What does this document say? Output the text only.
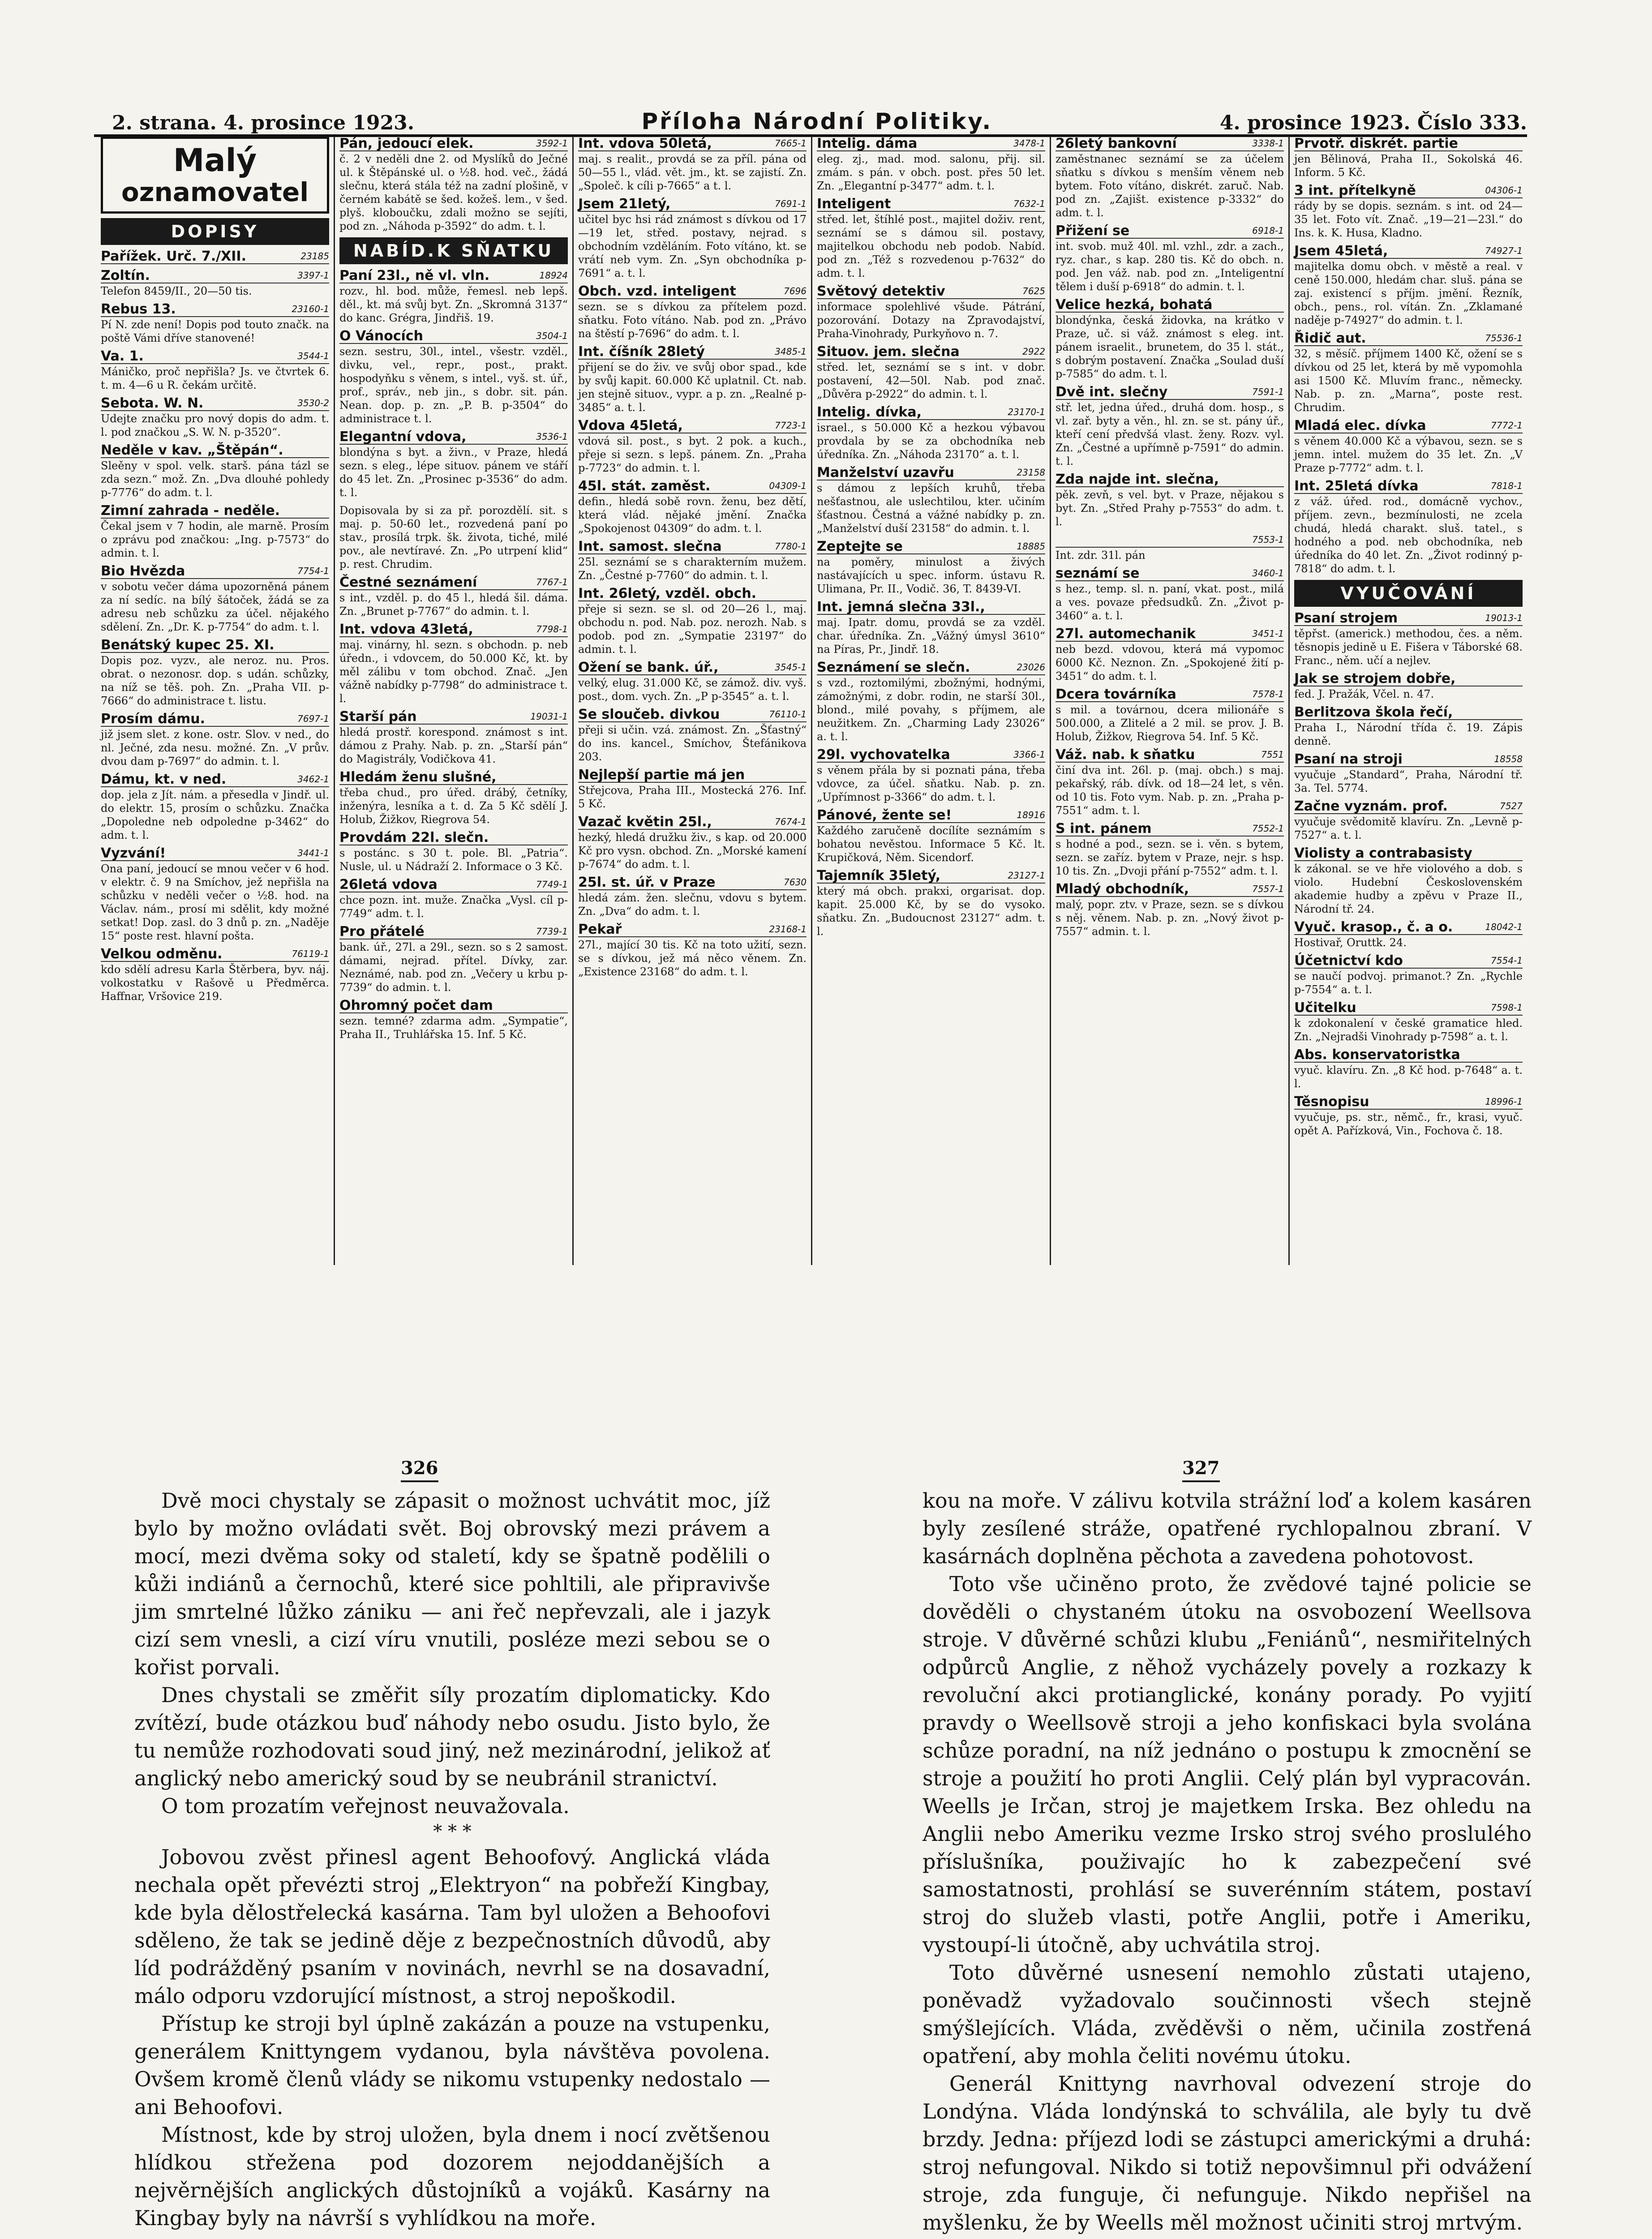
2. strana. 4. prosince 1923.	Příloha Národní Politiky.	4. prosince 1923. Číslo 333.
Malý
oznamovatel
DOPISY
Pařížek. Urč. 7./XII.	23185
Zoltín.	3397-1
Telefon 8459/II., 20—50 tis.
Rebus 13.	23160-1
Pí N. zde není! Dopis pod touto značk. na poště Vámi dříve stanovené!
Va. 1.	3544-1
Máničko, proč nepřišla? Js. ve čtvrtek 6. t. m. 4—6 u R. čekám určitě.
Sebota. W. N.	3530-2
Udejte značku pro nový dopis do adm. t. l. pod značkou „S. W. N. p-3520“.
Neděle v kav. „Štěpán“.
Sleěny v spol. velk. starš. pána tázl se zda sezn.“ mož. Zn. „Dva dlouhé pohledy p-7776“ do adm. t. l.
Zimní zahrada - neděle.
Čekal jsem v 7 hodin, ale marně. Prosím o zprávu pod značkou: „Ing. p-7573“ do admin. t. l.
Bio Hvězda	7754-1
v sobotu večer dáma upozorněná pánem za ní sedíc. na bílý šátoček, žádá se za adresu neb schůzku za účel. nějakého sdělení. Zn. „Dr. K. p-7754“ do adm. t. l.
Benátský kupec 25. XI.
Dopis poz. vyzv., ale neroz. nu. Pros. obrat. o nezonosr. dop. s udán. schůzky, na níž se těš. poh. Zn. „Praha VII. p-7666“ do administrace t. listu.
Prosím dámu.	7697-1
již jsem slet. z kone. ostr. Slov. v ned., do nl. Ječné, zda nesu. možné. Zn. „V prův. dvou dam p-7697“ do admin. t. l.
Dámu, kt. v ned.	3462-1
dop. jela z Jít. nám. a přesedla v Jindř. ul. do elektr. 15, prosím o schůzku. Značka „Dopoledne neb odpoledne p-3462“ do adm. t. l.
Vyzvání!	3441-1
Ona paní, jedoucí se mnou večer v 6 hod. v elektr. č. 9 na Smíchov, jež nepřišla na schůzku v neděli večer o ½8. hod. na Václav. nám., prosí mi sdělit, kdy možné setkat! Dop. zasl. do 3 dnů p. zn. „Naděje 15“ poste rest. hlavní pošta.
Velkou odměnu.	76119-1
kdo sdělí adresu Karla Štěrbera, byv. náj. volkostatku v Rašově u Předměrca. Haffnar, Vršovice 219.
Pán, jedoucí elek.	3592-1
č. 2 v neděli dne 2. od Myslíků do Ječné ul. k Štěpánské ul. o ½8. hod. več., žádá slečnu, která stála též na zadní plošině, v černém kabátě se šed. kožeš. lem., v šed. plyš. kloboučku, zdali možno se sejíti, pod zn. „Náhoda p-3592“ do adm. t. l.
NABÍD.K SŇATKU
Paní 23l., ně vl. vln.	18924
rozv., hl. bod. může, řemesl. neb lepš. děl., kt. má svůj byt. Zn. „Skromná 3137“ do kanc. Grégra, Jindřiš. 19.
O Vánocích	3504-1
sezn. sestru, 30l., intel., všestr. vzděl., divku, vel., repr., post., prakt. hospodyňku s věnem, s intel., vyš. st. úř., prof., správ., neb jin., s dobr. sit. pán. Nean. dop. p. zn. „P. B. p-3504“ do administrace t. l.
Elegantní vdova,	3536-1
blondýna s byt. a živn., v Praze, hledá sezn. s eleg., lépe situov. pánem ve stáří do 45 let. Zn. „Prosinec p-3536“ do adm. t. l.
Dopisovala by si za př. porozdělí. sit. s maj. p. 50-60 let., rozvedená paní po stav., prosílá trpk. šk. života, tiché, milé pov., ale nevtíravé. Zn. „Po utrpení klid“ p. rest. Chrudim.
Čestné seznámení	7767-1
s int., vzděl. p. do 45 l., hledá šil. dáma. Zn. „Brunet p-7767“ do admin. t. l.
Int. vdova 43letá,	7798-1
maj. vinárny, hl. sezn. s obchodn. p. neb úředn., i vdovcem, do 50.000 Kč, kt. by měl zálibu v tom obchod. Znač. „Jen vážně nabídky p-7798“ do administrace t. l.
Starší pán	19031-1
hledá prostř. korespond. známost s int. dámou z Prahy. Nab. p. zn. „Starší pán“ do Magistrály, Vodičkova 41.
Hledám ženu slušné,
třeba chud., pro úřed. drábý, četníky, inženýra, lesníka a t. d. Za 5 Kč sdělí J. Holub, Žižkov, Riegrova 54.
Provdám 22l. slečn.
s postánc. s 30 t. pole. Bl. „Patria“. Nusle, ul. u Nádraží 2. Informace o 3 Kč.
26letá vdova	7749-1
chce pozn. int. muže. Značka „Vysl. cíl p-7749“ adm. t. l.
Pro přátelé	7739-1
bank. úř., 27l. a 29l., sezn. so s 2 samost. dámami, nejrad. přítel. Dívky, zar. Neznámé, nab. pod zn. „Večery u krbu p-7739“ do admin. t. l.
Ohromný počet dam
sezn. temné? zdarma adm. „Sympatie“, Praha II., Truhlářska 15. Inf. 5 Kč.
Int. vdova 50letá,	7665-1
maj. s realit., provdá se za příl. pána od 50—55 l., vlád. vět. jm., kt. se zajistí. Zn. „Společ. k cíli p-7665“ a t. l.
Jsem 21letý,	7691-1
učitel byc hsi rád známost s dívkou od 17—19 let, střed. postavy, nejrad. s obchodním vzděláním. Foto vítáno, kt. se vrátí neb vym. Zn. „Syn obchodníka p-7691“ a. t. l.
Obch. vzd. inteligent	7696
sezn. se s dívkou za přítelem pozd. sňatku. Foto vítáno. Nab. pod zn. „Právo na štěstí p-7696“ do adm. t. l.
Int. číšník 28letý	3485-1
přijení se do živ. ve svůj obor spad., kde by svůj kapit. 60.000 Kč uplatnil. Ct. nab. jen stejně situov., vypr. a p. zn. „Realné p-3485“ a. t. l.
Vdova 45letá,	7723-1
vdová sil. post., s byt. 2 pok. a kuch., přeje si sezn. s lepš. pánem. Zn. „Praha p-7723“ do admin. t. l.
45l. stát. zaměst.	04309-1
defin., hledá sobě rovn. ženu, bez dětí, která vlád. nějaké jmění. Značka „Spokojenost 04309“ do adm. t. l.
Int. samost. slečna	7780-1
25l. seznámí se s charakterním mužem. Zn. „Čestné p-7760“ do admin. t. l.
Int. 26letý, vzděl. obch.
přeje si sezn. se sl. od 20—26 l., maj. obchodu n. pod. Nab. poz. nerozh. Nab. s podob. pod zn. „Sympatie 23197“ do admin. t. l.
Ožení se bank. úř.,	3545-1
velký, elug. 31.000 Kč, se zámož. div. vyš. post., dom. vych. Zn. „P p-3545“ a. t. l.
Se sloučeb. divkou	76110-1
přeji si učin. vzá. známost. Zn. „Šťastný“ do ins. kancel., Smíchov, Štefánikova 203.
Nejlepší partie má jen
Střejcova, Praha III., Mostecká 276. Inf. 5 Kč.
Vazač květin 25l.,	7674-1
hezký, hledá družku živ., s kap. od 20.000 Kč pro vysn. obchod. Zn. „Morské kamení p-7674“ do adm. t. l.
25l. st. úř. v Praze	7630
hledá zám. žen. slečnu, vdovu s bytem. Zn. „Dva“ do adm. t. l.
Pekař	23168-1
27l., mající 30 tis. Kč na toto užití, sezn. se s dívkou, jež má něco věnem. Zn. „Existence 23168“ do adm. t. l.
Intelig. dáma	3478-1
eleg. zj., mad. mod. salonu, přij. sil. zmám. s pán. v obch. post. přes 50 let. Zn. „Elegantní p-3477“ adm. t. l.
Inteligent	7632-1
střed. let, štíhlé post., majitel doživ. rent, seznámí se s dámou sil. postavy, majitelkou obchodu neb podob. Nabíd. pod zn. „Též s rozvedenou p-7632“ do adm. t. l.
Světový detektiv	7625
informace spolehlivé všude. Pátrání, pozorování. Dotazy na Zpravodajství, Praha-Vinohrady, Purkyňovo n. 7.
Situov. jem. slečna	2922
střed. let, seznámí se s int. v dobr. postavení, 42—50l. Nab. pod znač. „Důvěra p-2922“ do admin. t. l.
Intelig. dívka,	23170-1
israel., s 50.000 Kč a hezkou výbavou provdala by se za obchodníka neb úředníka. Zn. „Náhoda 23170“ a. t. l.
Manželství uzavřu	23158
s dámou z lepších kruhů, třeba nešťastnou, ale uslechtilou, kter. učiním šťastnou. Čestná a vážné nabídky p. zn. „Manželství duší 23158“ do admin. t. l.
Zeptejte se	18885
na poměry, minulost a živých nastávajících u spec. inform. ústavu R. Ulimana, Pr. II., Vodič. 36, T. 8439-VI.
Int. jemná slečna 33l.,
maj. Ipatr. domu, provdá se za vzděl. char. úředníka. Zn. „Vážný úmysl 3610“ na Píras, Pr., Jindř. 18.
Seznámení se slečn.	23026
s vzd., roztomilými, zbožnými, hodnými, zámožnými, z dobr. rodin, ne starší 30l., blond., milé povahy, s příjmem, ale neužitkem. Zn. „Charming Lady 23026“ a. t. l.
29l. vychovatelka	3366-1
s věnem přála by si poznati pána, třeba vdovce, za účel. sňatku. Nab. p. zn. „Upřímnost p-3366“ do adm. t. l.
Pánové, žente se!	18916
Každého zaručeně docílíte seznámím s bohatou nevěstou. Informace 5 Kč. lt. Krupičková, Něm. Sicendorf.
Tajemník 35letý,	23127-1
který má obch. prakxi, orgarisat. dop. kapit. 25.000 Kč, by se do vysoko. sňatku. Zn. „Budoucnost 23127“ adm. t. l.
26letý bankovní	3338-1
zaměstnanec seznámí se za účelem sňatku s dívkou s menším věnem neb bytem. Foto vítáno, diskrét. zaruč. Nab. pod zn. „Zajišt. existence p-3332“ do adm. t. l.
Přižení se	6918-1
int. svob. muž 40l. ml. vzhl., zdr. a zach., ryz. char., s kap. 280 tis. Kč do obch. n. pod. Jen váž. nab. pod zn. „Inteligentní tělem i duší p-6918“ do admin. t. l.
Velice hezká, bohatá
blondýnka, česká židovka, na krátko v Praze, uč. si váž. známost s eleg. int. pánem israelit., brunetem, do 35 l. stát., s dobrým postavení. Značka „Soulad duší p-7585“ do adm. t. l.
Dvě int. slečny	7591-1
stř. let, jedna úřed., druhá dom. hosp., s vl. zař. byty a věn., hl. zn. se st. pány úř., kteří cení předvšá vlast. ženy. Rozv. vyl. Zn. „Čestné a upřímně p-7591“ do admin. t. l.
Zda najde int. slečna,
pěk. zevň, s vel. byt. v Praze, nějakou s byt. Zn. „Střed Prahy p-7553“ do adm. t. l.
7553-1
Int. zdr. 31l. pán
seznámí se	3460-1
s hez., temp. sl. n. paní, vkat. post., milá a ves. povaze předsudků. Zn. „Život p-3460“ a. t. l.
27l. automechanik	3451-1
neb bezd. vdovou, která má vypomoc 6000 Kč. Neznon. Zn. „Spokojené žití p-3451“ do adm. t. l.
Dcera továrníka	7578-1
s mil. a továrnou, dcera milionáře s 500.000, a Zlitelé a 2 mil. se prov. J. B. Holub, Žižkov, Riegrova 54. Inf. 5 Kč.
Váž. nab. k sňatku	7551
činí dva int. 26l. p. (maj. obch.) s maj. pekařský, ráb. dívk. od 18—24 let, s věn. od 10 tis. Foto vym. Nab. p. zn. „Praha p-7551“ adm. t. l.
S int. pánem	7552-1
s hodné a pod., sezn. se i. věn. s bytem, sezn. se zaříz. bytem v Praze, nejr. s hsp. 10 tis. Zn. „Dvoji přání p-7552“ adm. t. l.
Mladý obchodník,	7557-1
malý, popr. ztv. v Praze, sezn. se s dívkou s něj. věnem. Nab. p. zn. „Nový život p-7557“ admin. t. l.
Prvotř. diskrét. partie
jen Bělinová, Praha II., Sokolská 46. Inform. 5 Kč.
3 int. přítelkyně	04306-1
rády by se dopis. seznám. s int. od 24—35 let. Foto vít. Znač. „19—21—23l.“ do Ins. k. K. Husa, Kladno.
Jsem 45letá,	74927-1
majitelka domu obch. v městě a real. v ceně 150.000, hledám char. sluš. pána se zaj. existencí s příjm. jmění. Řezník, obch., pens., rol. vítán. Zn. „Zklamané naděje p-74927“ do admin. t. l.
Řidič aut.	75536-1
32, s měsíč. příjmem 1400 Kč, ožení se s dívkou od 25 let, která by mě vypomohla asi 1500 Kč. Mluvím franc., německy. Nab. p. zn. „Marna“, poste rest. Chrudim.
Mladá elec. dívka	7772-1
s věnem 40.000 Kč a výbavou, sezn. se s jemn. intel. mužem do 35 let. Zn. „V Praze p-7772“ adm. t. l.
Int. 25letá dívka	7818-1
z váž. úřed. rod., domácně vychov., příjem. zevn., bezmínulosti, ne zcela chudá, hledá charakt. sluš. tatel., s hodného a pod. neb obchodníka, neb úředníka do 40 let. Zn. „Život rodinný p-7818“ do adm. t. l.
VYUČOVÁNÍ
Psaní strojem	19013-1
těpřst. (americk.) methodou, čes. a něm. těsnopis jedině u E. Fišera v Táborské 68. Franc., něm. učí a nejlev.
Jak se strojem dobře,
fed. J. Pražák, Včel. n. 47.
Berlitzova škola řečí,
Praha I., Národní třída č. 19. Zápis denně.
Psaní na stroji	18558
vyučuje „Standard“, Praha, Národní tř. 3a. Tel. 5774.
Začne vyznám. prof.	7527
vyučuje svědomitě klavíru. Zn. „Levně p-7527“ a. t. l.
Violisty a contrabasisty
k zákonal. se ve hře violového a dob. s violo. Hudební Československém akademie hudby a zpěvu v Praze II., Národní tř. 24.
Vyuč. krasop., č. a o.	18042-1
Hostivař, Oruttk. 24.
Účetnictví kdo	7554-1
se naučí podvoj. primanot.? Zn. „Rychle p-7554“ a. t. l.
Učitelku	7598-1
k zdokonalení v české gramatice hled. Zn. „Nejradši Vinohrady p-7598“ a. t. l.
Abs. konservatoristka
vyuč. klavíru. Zn. „8 Kč hod. p-7648“ a. t. l.
Těsnopisu	18996-1
vyučuje, ps. str., němč., fr., krasi, vyuč. opět A. Pařízková, Vin., Fochova č. 18.
326	327

Dvě moci chystaly se zápasit o možnost uchvátit moc, jíž bylo by možno ovládati svět. Boj obrovský mezi právem a mocí, mezi dvěma soky od staletí, kdy se špatně podělili o kůži indiánů a černochů, které sice pohltili, ale připravivše jim smrtelné lůžko zániku — ani řeč nepřevzali, ale i jazyk cizí sem vnesli, a cizí víru vnutili, posléze mezi sebou se o kořist porvali.

Dnes chystali se změřit síly prozatím diplomaticky. Kdo zvítězí, bude otázkou buď náhody nebo osudu. Jisto bylo, že tu nemůže rozhodovati soud jiný, než mezinárodní, jelikož ať anglický nebo americký soud by se neubránil stranictví.

O tom prozatím veřejnost neuvažovala.

* * *

Jobovou zvěst přinesl agent Behoofový. Anglická vláda nechala opět převézti stroj „Elektryon“ na pobřeží Kingbay, kde byla dělostřelecká kasárna. Tam byl uložen a Behoofovi sděleno, že tak se jedině děje z bezpečnostních důvodů, aby líd podrážděný psaním v novinách, nevrhl se na dosavadní, málo odporu vzdorující místnost, a stroj nepoškodil.

Přístup ke stroji byl úplně zakázán a pouze na vstupenku, generálem Knittyngem vydanou, byla návštěva povolena. Ovšem kromě členů vlády se nikomu vstupenky nedostalo — ani Behoofovi.

Místnost, kde by stroj uložen, byla dnem i nocí zvětšenou hlídkou střežena pod dozorem nejoddanějších a nejvěrnějších anglických důstojníků a vojáků. Kasárny na Kingbay byly na návrší s vyhlídkou na moře.

kou na moře. V zálivu kotvila strážní loď a kolem kasáren byly zesílené stráže, opatřené rychlopalnou zbraní. V kasárnách doplněna pěchota a zavedena pohotovost.

Toto vše učiněno proto, že zvědové tajné policie se dověděli o chystaném útoku na osvobození Weellsova stroje. V důvěrné schůzi klubu „Feniánů“, nesmiřitelných odpůrců Anglie, z něhož vycházely povely a rozkazy k revoluční akci protianglické, konány porady. Po vyjití pravdy o Weellsově stroji a jeho konfiskaci byla svolána schůze poradní, na níž jednáno o postupu k zmocnění se stroje a použití ho proti Anglii. Celý plán byl vypracován. Weells je Irčan, stroj je majetkem Irska. Bez ohledu na Anglii nebo Ameriku vezme Irsko stroj svého proslulého příslušníka, použivajíc ho k zabezpečení své samostatnosti, prohlásí se suverénním státem, postaví stroj do služeb vlasti, potře Anglii, potře i Ameriku, vystoupí-li útočně, aby uchvátila stroj.

Toto důvěrné usnesení nemohlo zůstati utajeno, poněvadž vyžadovalo součinnosti všech stejně smýšlejících. Vláda, zvěděvši o něm, učinila zostřená opatření, aby mohla čeliti novému útoku.

Generál Knittyng navrhoval odvezení stroje do Londýna. Vláda londýnská to schválila, ale byly tu dvě brzdy. Jedna: příjezd lodi se zástupci americkými a druhá: stroj nefungoval. Nikdo si totiž nepovšimnul při odvážení stroje, zda funguje, či nefunguje. Nikdo nepřišel na myšlenku, že by Weells měl možnost učiniti stroj mrtvým.
